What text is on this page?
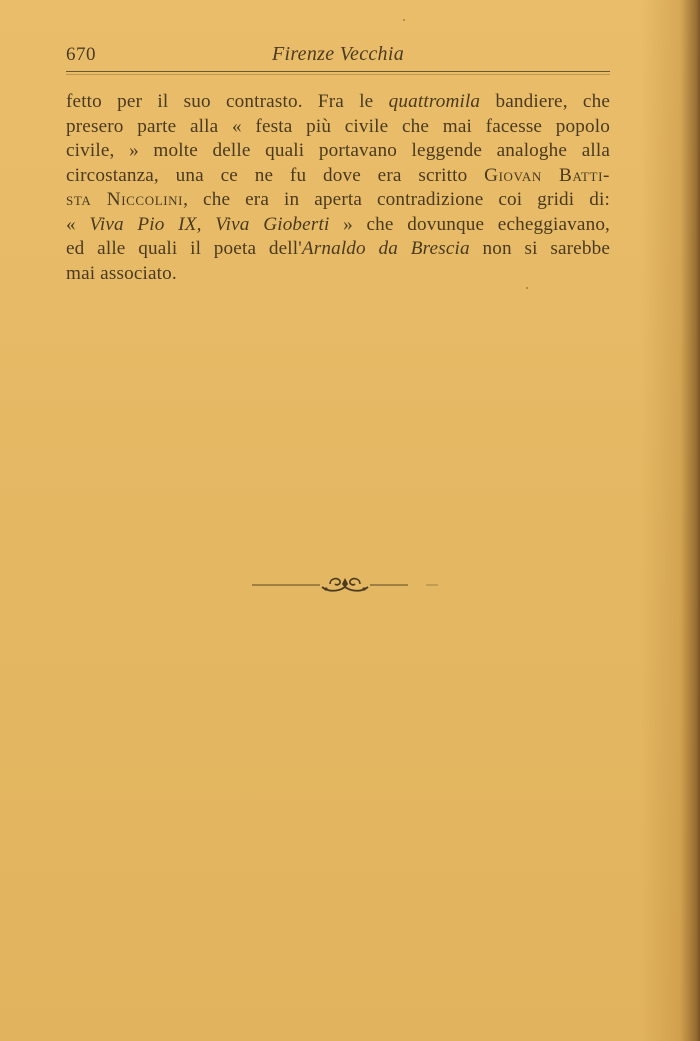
670	Firenze Vecchia
fetto per il suo contrasto. Fra le quattromila bandiere, che
presero parte alla « festa più civile che mai facesse popolo
civile, » molte delle quali portavano leggende analoghe alla
circostanza, una ce ne fu dove era scritto Giovan Batti-
sta Niccolini, che era in aperta contradizione coi gridi di:
« Viva Pio IX, Viva Gioberti » che dovunque echeggiavano,
ed alle quali il poeta dell'Arnaldo da Brescia non si sarebbe
mai associato.
